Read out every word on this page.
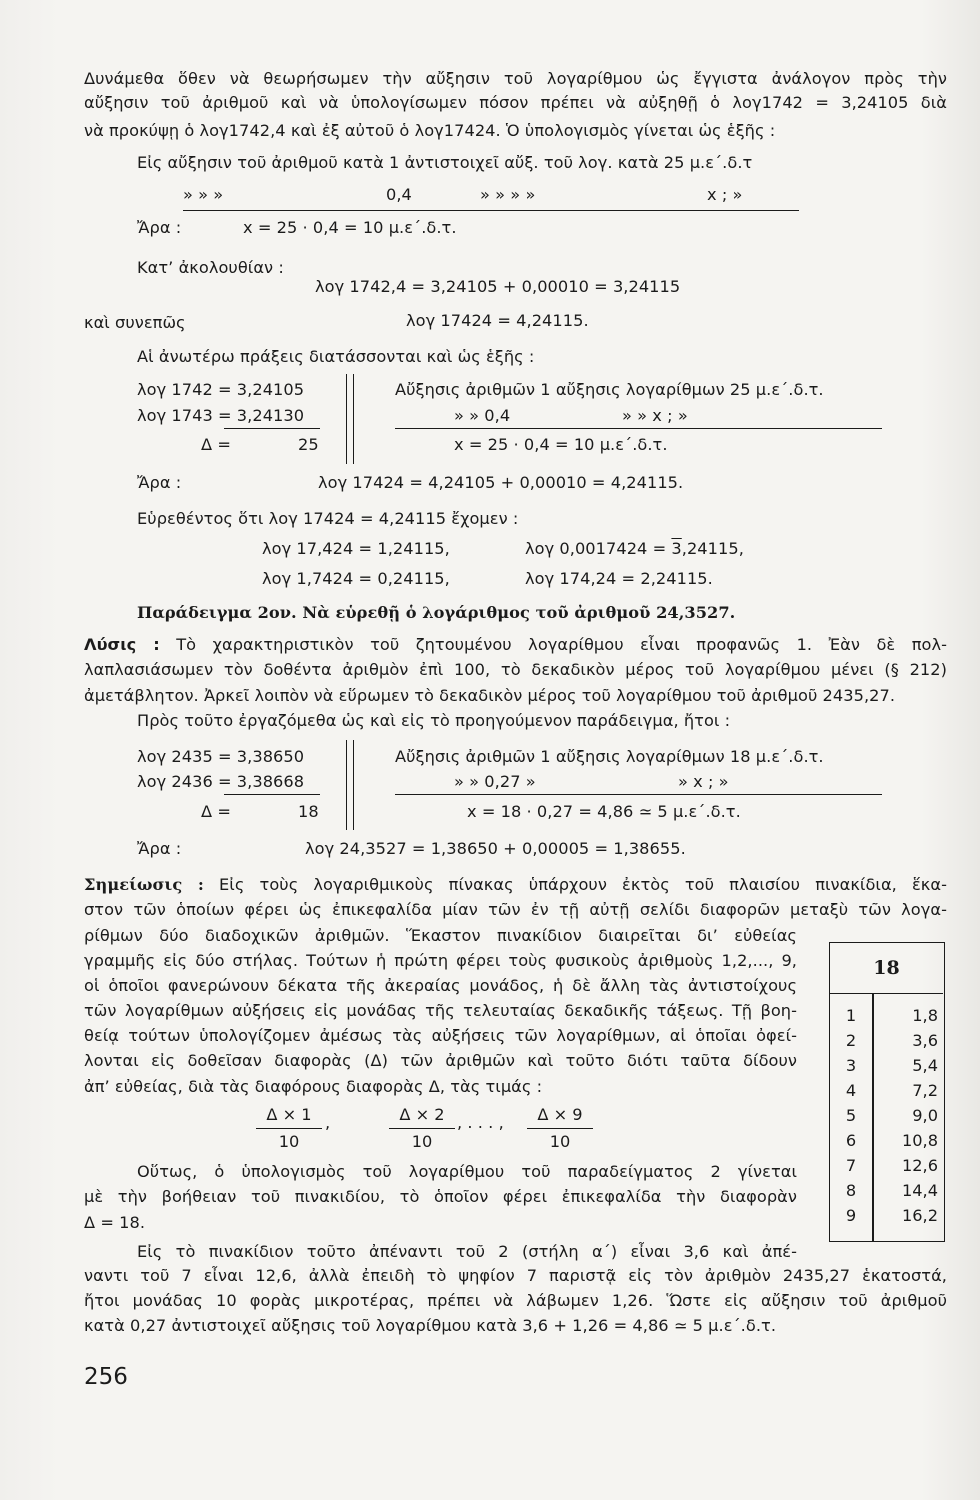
Δυνάμεθα ὅθεν νὰ θεωρήσωμεν τὴν αὔξησιν τοῦ λογαρίθμου ὡς ἔγγιστα ἀνάλογον πρὸς τὴν
αὔξησιν τοῦ ἀριθμοῦ καὶ νὰ ὑπολογίσωμεν πόσον πρέπει νὰ αὐξηθῇ ὁ λογ1742 = 3,24105 διὰ
νὰ προκύψῃ ὁ λογ1742,4 καὶ ἐξ αὐτοῦ ὁ λογ17424. Ὁ ὑπολογισμὸς γίνεται ὡς ἑξῆς :
Εἰς αὔξησιν τοῦ ἀριθμοῦ κατὰ 1 ἀντιστοιχεῖ αὔξ. τοῦ λογ. κατὰ 25 μ.ε΄.δ.τ
» » »	0,4	» » » »	x ; »
Ἄρα :	x = 25 · 0,4 = 10 μ.ε΄.δ.τ.
Κατ’ ἀκολουθίαν :
λογ 1742,4 = 3,24105 + 0,00010 = 3,24115
καὶ συνεπῶς	λογ 17424 = 4,24115.
Αἱ ἀνωτέρω πράξεις διατάσσονται καὶ ὡς ἑξῆς :
λογ 1742 = 3,24105
λογ 1743 = 3,24130
Δ =	25
Αὔξησις ἀριθμῶν 1 αὔξησις λογαρίθμων 25 μ.ε΄.δ.τ.
» » 0,4	» » x ; »
x = 25 · 0,4 = 10 μ.ε΄.δ.τ.
Ἄρα :	λογ 17424 = 4,24105 + 0,00010 = 4,24115.
Εὑρεθέντος ὅτι λογ 17424 = 4,24115 ἔχομεν :
λογ 17,424 = 1,24115,	λογ 0,0017424 = 3,24115,
λογ 1,7424 = 0,24115,	λογ 174,24 = 2,24115.
Παράδειγμα 2ον. Νὰ εὑρεθῇ ὁ λογάριθμος τοῦ ἀριθμοῦ 24,3527.
Λύσις : Τὸ χαρακτηριστικὸν τοῦ ζητουμένου λογαρίθμου εἶναι προφανῶς 1. Ἐὰν δὲ πολ-
λαπλασιάσωμεν τὸν δοθέντα ἀριθμὸν ἐπὶ 100, τὸ δεκαδικὸν μέρος τοῦ λογαρίθμου μένει (§ 212)
ἀμετάβλητον. Ἀρκεῖ λοιπὸν νὰ εὕρωμεν τὸ δεκαδικὸν μέρος τοῦ λογαρίθμου τοῦ ἀριθμοῦ 2435,27.
Πρὸς τοῦτο ἐργαζόμεθα ὡς καὶ εἰς τὸ προηγούμενον παράδειγμα, ἤτοι :
λογ 2435 = 3,38650
λογ 2436 = 3,38668
Δ =	18
Αὔξησις ἀριθμῶν 1 αὔξησις λογαρίθμων 18 μ.ε΄.δ.τ.
» » 0,27 »	» x ; »
x = 18 · 0,27 = 4,86 ≃ 5 μ.ε΄.δ.τ.
Ἄρα :	λογ 24,3527 = 1,38650 + 0,00005 = 1,38655.
Σημείωσις : Εἰς τοὺς λογαριθμικοὺς πίνακας ὑπάρχουν ἐκτὸς τοῦ πλαισίου πινακίδια, ἕκα-
στον τῶν ὁποίων φέρει ὡς ἐπικεφαλίδα μίαν τῶν ἐν τῇ αὐτῇ σελίδι διαφορῶν μεταξὺ τῶν λογα-
ρίθμων δύο διαδοχικῶν ἀριθμῶν. Ἕκαστον πινακίδιον διαιρεῖται δι’ εὐθείας
γραμμῆς εἰς δύο στήλας. Τούτων ἡ πρώτη φέρει τοὺς φυσικοὺς ἀριθμοὺς 1,2,..., 9,
οἱ ὁποῖοι φανερώνουν δέκατα τῆς ἀκεραίας μονάδος, ἡ δὲ ἄλλη τὰς ἀντιστοίχους
τῶν λογαρίθμων αὐξήσεις εἰς μονάδας τῆς τελευταίας δεκαδικῆς τάξεως. Τῇ βοη-
θείᾳ τούτων ὑπολογίζομεν ἀμέσως τὰς αὐξήσεις τῶν λογαρίθμων, αἱ ὁποῖαι ὀφεί-
λονται εἰς δοθεῖσαν διαφορὰς (Δ) τῶν ἀριθμῶν καὶ τοῦτο διότι ταῦτα δίδουν
ἀπ’ εὐθείας, διὰ τὰς διαφόρους διαφορὰς Δ, τὰς τιμάς :
$\frac{\Delta \times 1}{10}$ ,	$\frac{\Delta \times 2}{10}$ , . . . , $\frac{\Delta \times 9}{10}$
Οὕτως, ὁ ὑπολογισμὸς τοῦ λογαρίθμου τοῦ παραδείγματος 2 γίνεται
μὲ τὴν βοήθειαν τοῦ πινακιδίου, τὸ ὁποῖον φέρει ἐπικεφαλίδα τὴν διαφορὰν
Δ = 18.
Εἰς τὸ πινακίδιον τοῦτο ἀπέναντι τοῦ 2 (στήλη α΄) εἶναι 3,6 καὶ ἀπέ-
ναντι τοῦ 7 εἶναι 12,6, ἀλλὰ ἐπειδὴ τὸ ψηφίον 7 παριστᾷ εἰς τὸν ἀριθμὸν 2435,27 ἑκατοστά,
ἤτοι μονάδας 10 φορὰς μικροτέρας, πρέπει νὰ λάβωμεν 1,26. Ὥστε εἰς αὔξησιν τοῦ ἀριθμοῦ
κατὰ 0,27 ἀντιστοιχεῖ αὔξησις τοῦ λογαρίθμου κατὰ 3,6 + 1,26 = 4,86 ≃ 5 μ.ε΄.δ.τ.
18
1	1,8
2	3,6
3	5,4
4	7,2
5	9,0
6	10,8
7	12,6
8	14,4
9	16,2
256
